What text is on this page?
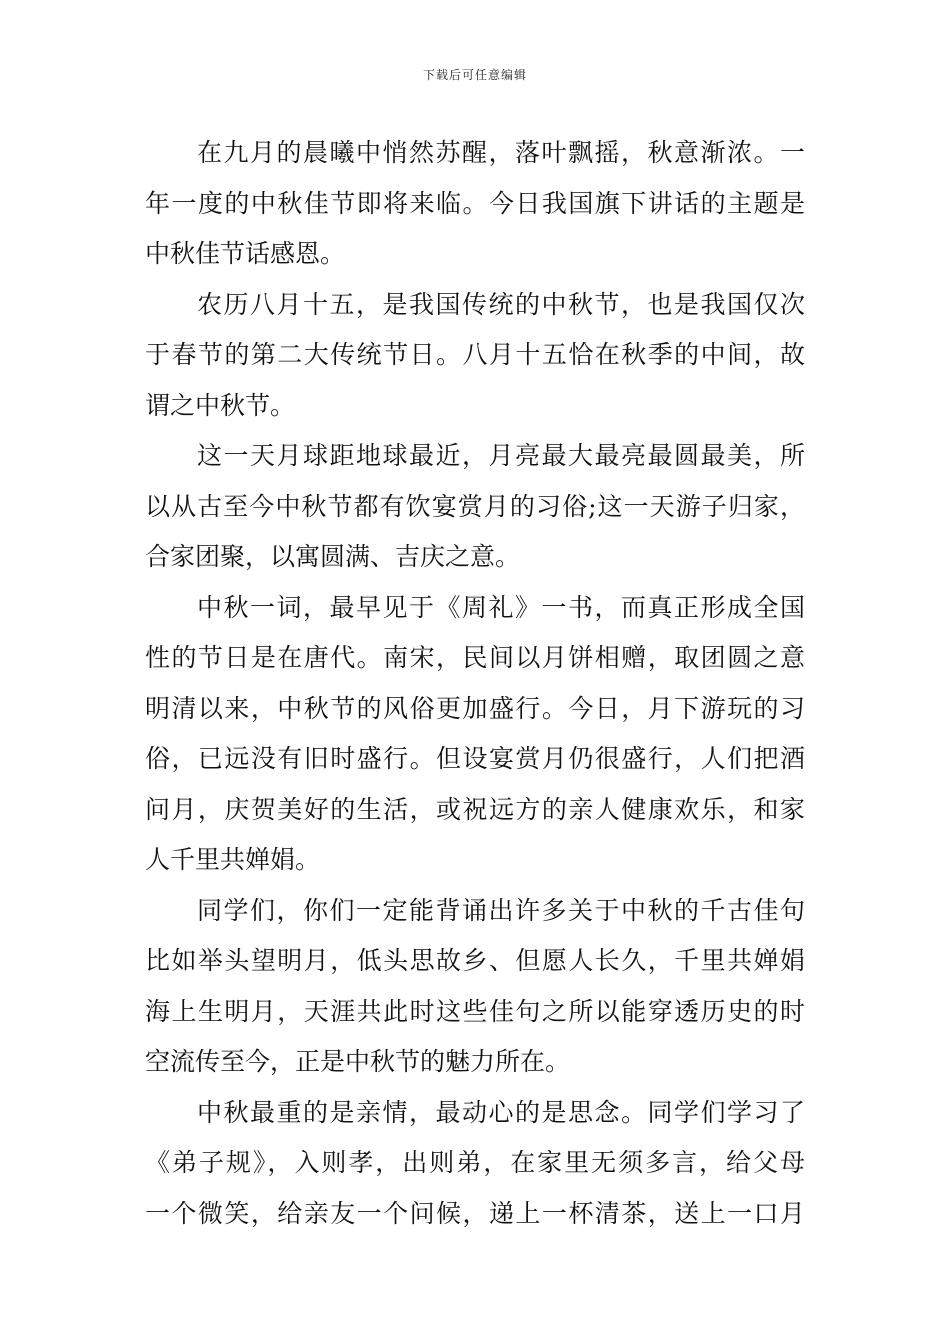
下载后可任意编辑
在九月的晨曦中悄然苏醒，落叶飘摇，秋意渐浓。一
年一度的中秋佳节即将来临。今日我国旗下讲话的主题是
中秋佳节话感恩。
农历八月十五，是我国传统的中秋节，也是我国仅次
于春节的第二大传统节日。八月十五恰在秋季的中间，故
谓之中秋节。
这一天月球距地球最近，月亮最大最亮最圆最美，所
以从古至今中秋节都有饮宴赏月的习俗;这一天游子归家，
合家团聚，以寓圆满、吉庆之意。
中秋一词，最早见于《周礼》一书，而真正形成全国
性的节日是在唐代。南宋，民间以月饼相赠，取团圆之意
明清以来，中秋节的风俗更加盛行。今日，月下游玩的习
俗，已远没有旧时盛行。但设宴赏月仍很盛行，人们把酒
问月，庆贺美好的生活，或祝远方的亲人健康欢乐，和家
人千里共婵娟。
同学们，你们一定能背诵出许多关于中秋的千古佳句
比如举头望明月，低头思故乡、但愿人长久，千里共婵娟
海上生明月，天涯共此时这些佳句之所以能穿透历史的时
空流传至今，正是中秋节的魅力所在。
中秋最重的是亲情，最动心的是思念。同学们学习了
《弟子规》，入则孝，出则弟，在家里无须多言，给父母
一个微笑，给亲友一个问候，递上一杯清茶，送上一口月
